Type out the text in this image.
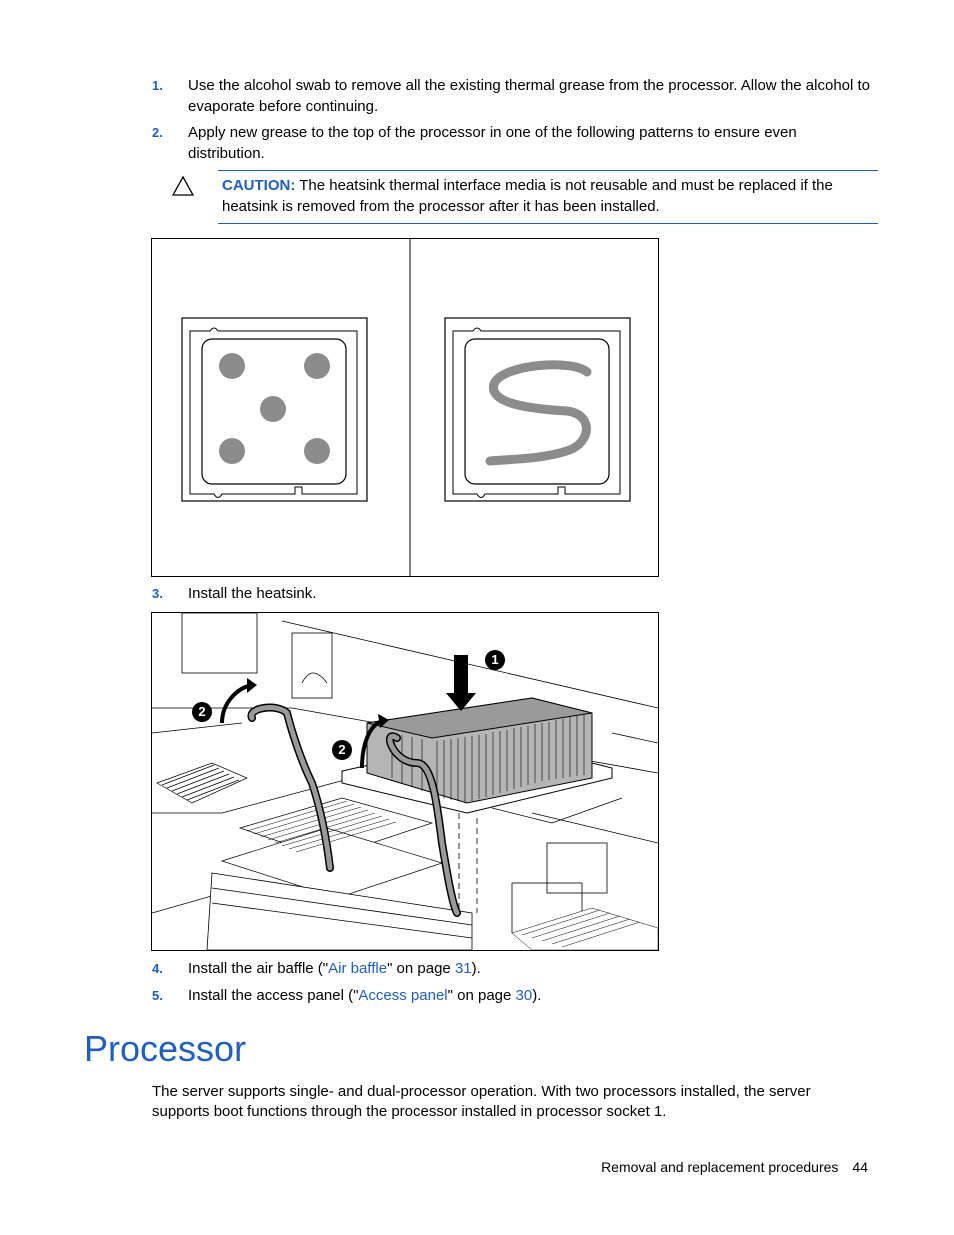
1. Use the alcohol swab to remove all the existing thermal grease from the processor. Allow the alcohol to evaporate before continuing.
2. Apply new grease to the top of the processor in one of the following patterns to ensure even distribution.
CAUTION: The heatsink thermal interface media is not reusable and must be replaced if the heatsink is removed from the processor after it has been installed.
3. Install the heatsink.
1
2
2
4. Install the air baffle ("Air baffle" on page 31).
5. Install the access panel ("Access panel" on page 30).
Processor
The server supports single- and dual-processor operation. With two processors installed, the server supports boot functions through the processor installed in processor socket 1.
Removal and replacement procedures 44
